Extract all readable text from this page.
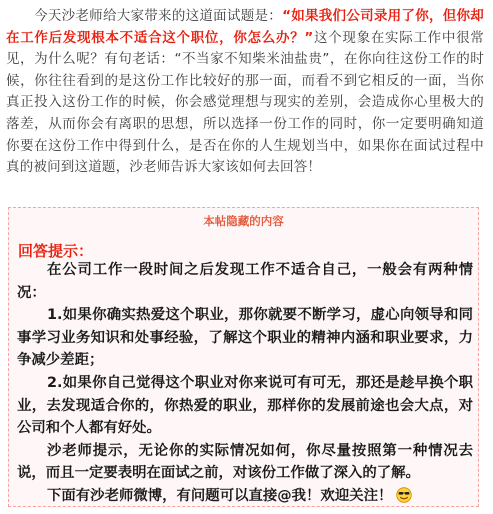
今天沙老师给大家带来的这道面试题是：“如果我们公司录用了你，但你却在工作后发现根本不适合这个职位，你怎么办？”这个现象在实际工作中很常见，为什么呢？有句老话：“不当家不知柴米油盐贵”，在你向往这份工作的时候，你往往看到的是这份工作比较好的那一面，而看不到它相反的一面，当你真正投入这份工作的时候，你会感觉理想与现实的差别，会造成你心里极大的落差，从而你会有离职的思想，所以选择一份工作的同时，你一定要明确知道你要在这份工作中得到什么，是否在你的人生规划当中，如果你在面试过程中真的被问到这道题，沙老师告诉大家该如何去回答！
本帖隐藏的内容
回答提示：

在公司工作一段时间之后发现工作不适合自己，一般会有两种情况：

1.如果你确实热爱这个职业，那你就要不断学习，虚心向领导和同事学习业务知识和处事经验，了解这个职业的精神内涵和职业要求，力争减少差距；

2.如果你自己觉得这个职业对你来说可有可无，那还是趁早换个职业，去发现适合你的，你热爱的职业，那样你的发展前途也会大点，对公司和个人都有好处。

沙老师提示，无论你的实际情况如何，你尽量按照第一种情况去说，而且一定要表明在面试之前，对该份工作做了深入的了解。

下面有沙老师微博，有问题可以直接@我！欢迎关注！
